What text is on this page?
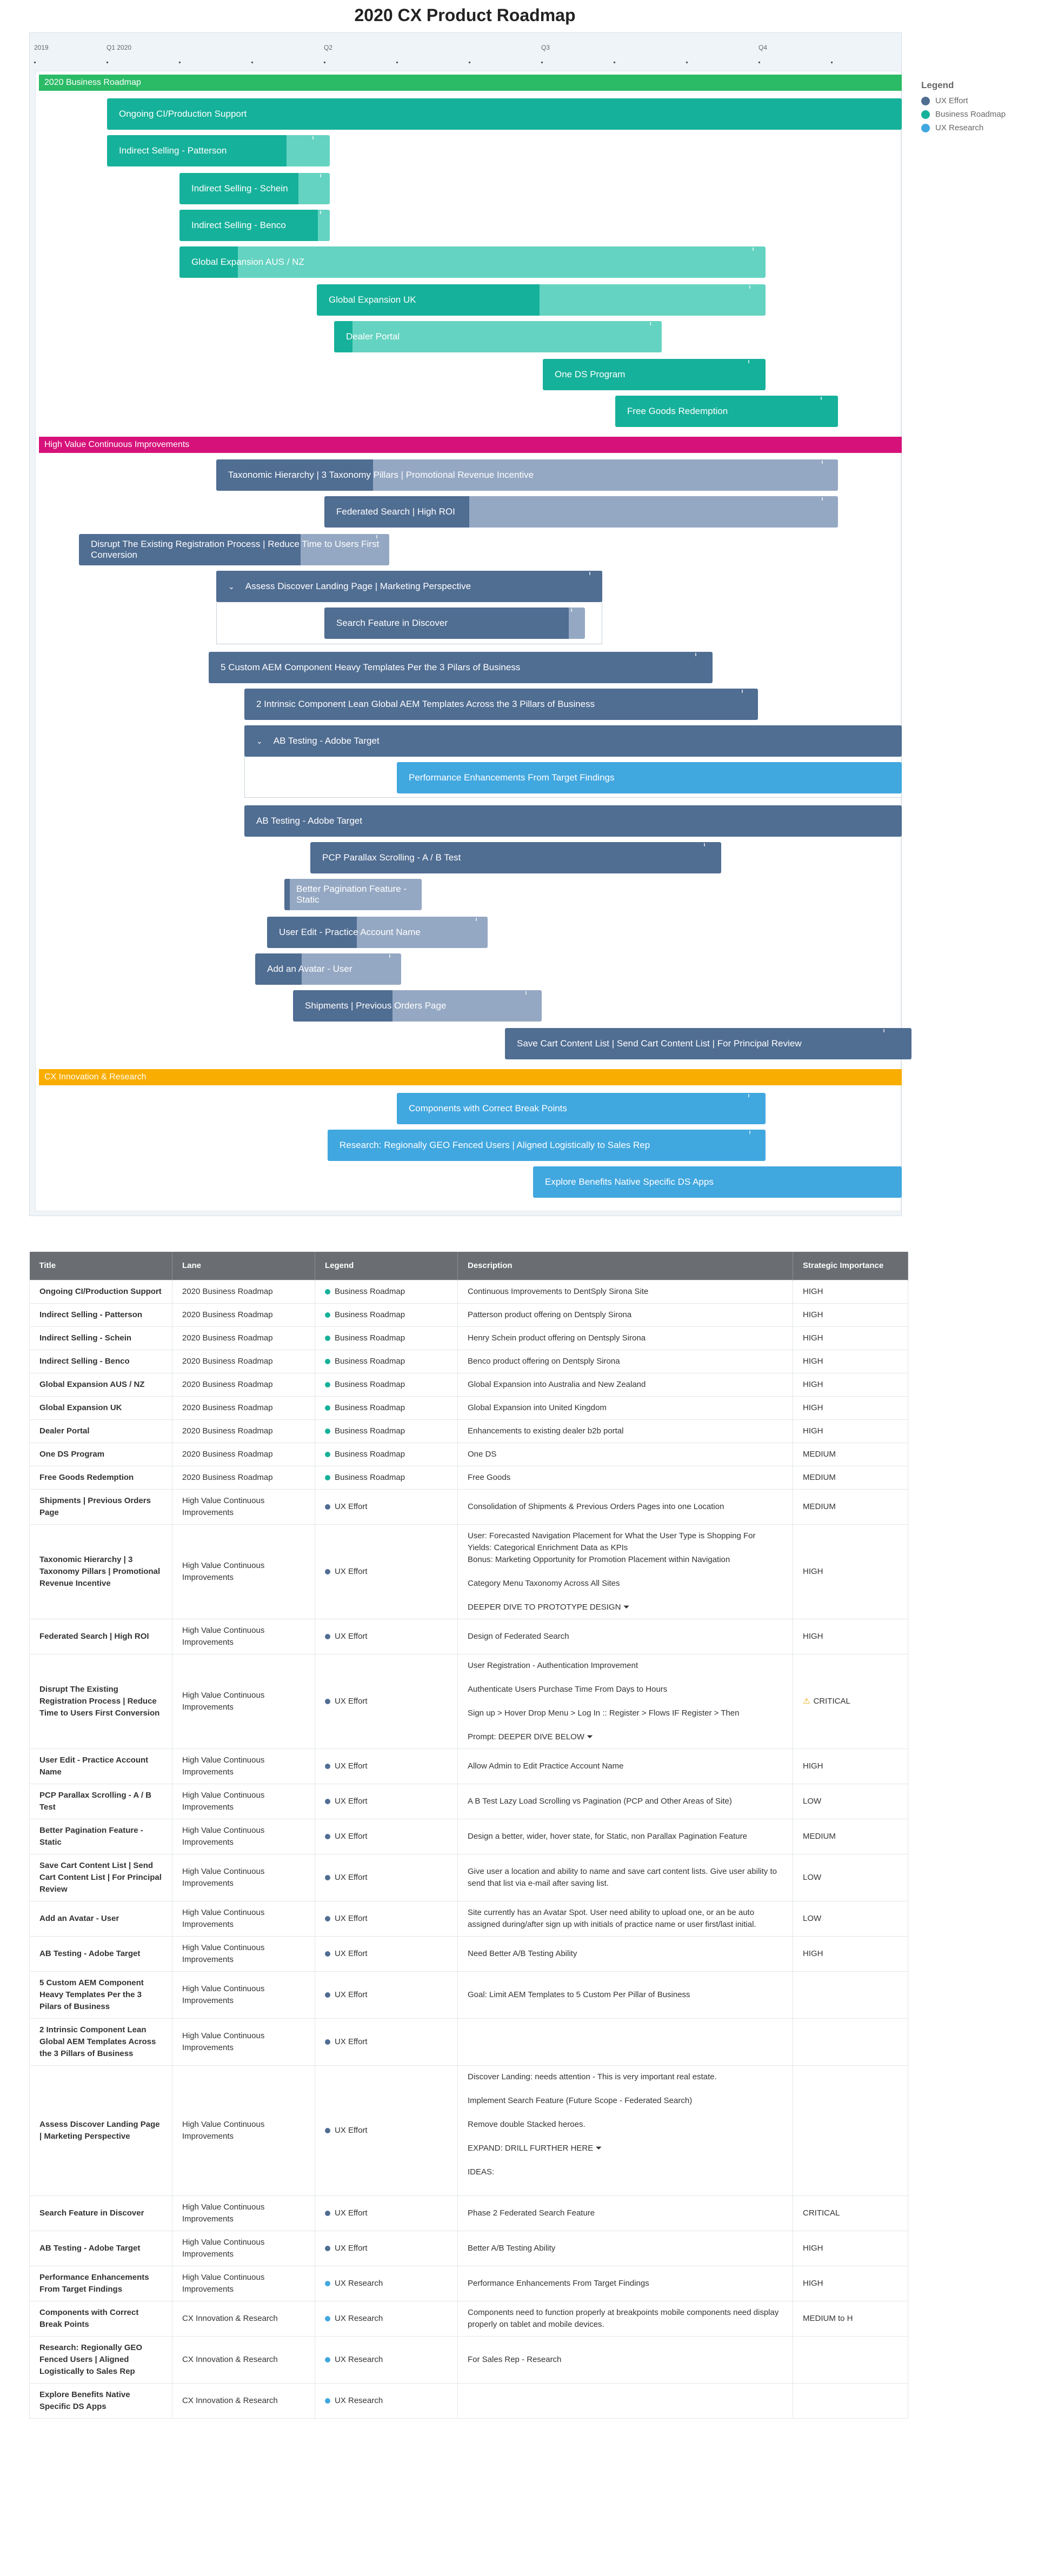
2020 CX Product Roadmap
2019	Q1 2020	Q2	Q3	Q4
2020 Business Roadmap
Ongoing CI/Production Support
Indirect Selling - Patterson
Indirect Selling - Schein
Indirect Selling - Benco
Global Expansion AUS / NZ
Global Expansion UK
Dealer Portal
One DS Program
Free Goods Redemption
High Value Continuous Improvements
Taxonomic Hierarchy | 3 Taxonomy Pillars | Promotional Revenue Incentive
Federated Search | High ROI
Disrupt The Existing Registration Process | Reduce Time to Users First Conversion
⌄ Assess Discover Landing Page | Marketing Perspective
Search Feature in Discover
5 Custom AEM Component Heavy Templates Per the 3 Pilars of Business
2 Intrinsic Component Lean Global AEM Templates Across the 3 Pillars of Business
⌄ AB Testing - Adobe Target
Performance Enhancements From Target Findings
AB Testing - Adobe Target
PCP Parallax Scrolling - A / B Test
Better Pagination Feature - Static
User Edit - Practice Account Name
Add an Avatar - User
Shipments | Previous Orders Page
Save Cart Content List | Send Cart Content List | For Principal Review
CX Innovation & Research
Components with Correct Break Points
Research: Regionally GEO Fenced Users | Aligned Logistically to Sales Rep
Explore Benefits Native Specific DS Apps
Legend
UX Effort
Business Roadmap
UX Research
Title	Lane	Legend	Description	Strategic Importance
Ongoing CI/Production Support	2020 Business Roadmap	Business Roadmap	Continuous Improvements to DentSply Sirona Site	HIGH
Indirect Selling - Patterson	2020 Business Roadmap	Business Roadmap	Patterson product offering on Dentsply Sirona	HIGH
Indirect Selling - Schein	2020 Business Roadmap	Business Roadmap	Henry Schein product offering on Dentsply Sirona	HIGH
Indirect Selling - Benco	2020 Business Roadmap	Business Roadmap	Benco product offering on Dentsply Sirona	HIGH
Global Expansion AUS / NZ	2020 Business Roadmap	Business Roadmap	Global Expansion into Australia and New Zealand	HIGH
Global Expansion UK	2020 Business Roadmap	Business Roadmap	Global Expansion into United Kingdom	HIGH
Dealer Portal	2020 Business Roadmap	Business Roadmap	Enhancements to existing dealer b2b portal	HIGH
One DS Program	2020 Business Roadmap	Business Roadmap	One DS	MEDIUM
Free Goods Redemption	2020 Business Roadmap	Business Roadmap	Free Goods	MEDIUM
Shipments | Previous Orders Page	High Value Continuous Improvements	UX Effort	Consolidation of Shipments & Previous Orders Pages into one Location	MEDIUM
Taxonomic Hierarchy | 3 Taxonomy Pillars | Promotional Revenue Incentive	High Value Continuous Improvements	UX Effort	User: Forecasted Navigation Placement for What the User Type is Shopping For
Yields: Categorical Enrichment Data as KPIs
Bonus: Marketing Opportunity for Promotion Placement within Navigation
Category Menu Taxonomy Across All Sites
DEEPER DIVE TO PROTOTYPE DESIGN ⏷	HIGH
Federated Search | High ROI	High Value Continuous Improvements	UX Effort	Design of Federated Search	HIGH
Disrupt The Existing Registration Process | Reduce Time to Users First Conversion	High Value Continuous Improvements	UX Effort	User Registration - Authentication Improvement
Authenticate Users Purchase Time From Days to Hours
Sign up > Hover Drop Menu > Log In :: Register > Flows IF Register > Then
Prompt: DEEPER DIVE BELOW ⏷	⚠ CRITICAL
User Edit - Practice Account Name	High Value Continuous Improvements	UX Effort	Allow Admin to Edit Practice Account Name	HIGH
PCP Parallax Scrolling - A / B Test	High Value Continuous Improvements	UX Effort	A B Test Lazy Load Scrolling vs Pagination (PCP and Other Areas of Site)	LOW
Better Pagination Feature - Static	High Value Continuous Improvements	UX Effort	Design a better, wider, hover state, for Static, non Parallax Pagination Feature	MEDIUM
Save Cart Content List | Send Cart Content List | For Principal Review	High Value Continuous Improvements	UX Effort	Give user a location and ability to name and save cart content lists. Give user ability to send that list via e-mail after saving list.	LOW
Add an Avatar - User	High Value Continuous Improvements	UX Effort	Site currently has an Avatar Spot. User need ability to upload one, or an be auto assigned during/after sign up with initials of practice name or user first/last initial.	LOW
AB Testing - Adobe Target	High Value Continuous Improvements	UX Effort	Need Better A/B Testing Ability	HIGH
5 Custom AEM Component Heavy Templates Per the 3 Pilars of Business	High Value Continuous Improvements	UX Effort	Goal: Limit AEM Templates to 5 Custom Per Pillar of Business	

2 Intrinsic Component Lean Global AEM Templates Across the 3 Pillars of Business	High Value Continuous Improvements	UX Effort	

Assess Discover Landing Page | Marketing Perspective	High Value Continuous Improvements	UX Effort	Discover Landing: needs attention - This is very important real estate.
Implement Search Feature (Future Scope - Federated Search)
Remove double Stacked heroes.
EXPAND: DRILL FURTHER HERE ⏷
IDEAS:	

Search Feature in Discover	High Value Continuous Improvements	UX Effort	Phase 2 Federated Search Feature	CRITICAL
AB Testing - Adobe Target	High Value Continuous Improvements	UX Effort	Better A/B Testing Ability	HIGH
Performance Enhancements From Target Findings	High Value Continuous Improvements	UX Research	Performance Enhancements From Target Findings	HIGH
Components with Correct Break Points	CX Innovation & Research	UX Research	Components need to function properly at breakpoints mobile components need display properly on tablet and mobile devices.	MEDIUM to H
Research: Regionally GEO Fenced Users | Aligned Logistically to Sales Rep	CX Innovation & Research	UX Research	For Sales Rep - Research	

Explore Benefits Native Specific DS Apps	CX Innovation & Research	UX Research	
